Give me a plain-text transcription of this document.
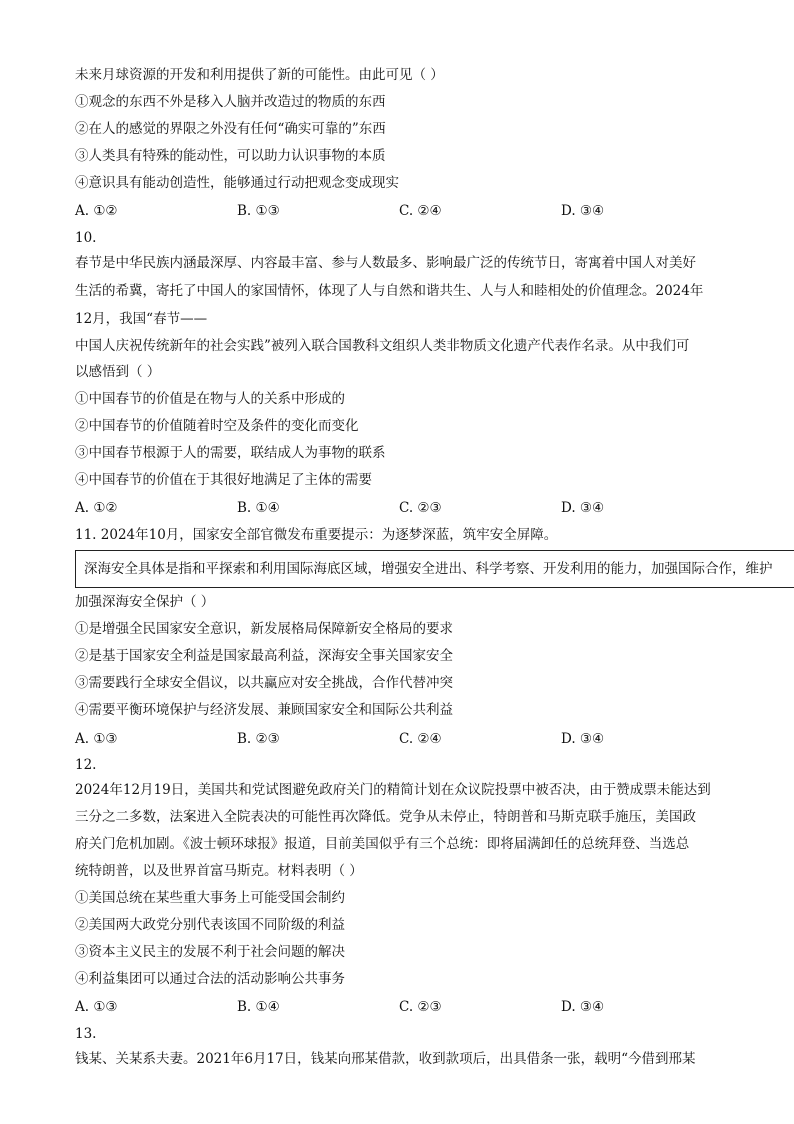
未来月球资源的开发和利用提供了新的可能性。由此可见（ ）
①观念的东西不外是移入人脑并改造过的物质的东西
②在人的感觉的界限之外没有任何“确实可靠的”东西
③人类具有特殊的能动性，可以助力认识事物的本质
④意识具有能动创造性，能够通过行动把观念变成现实
A. ①②	B. ①③	C. ②④	D. ③④
10.
春节是中华民族内涵最深厚、内容最丰富、参与人数最多、影响最广泛的传统节日，寄寓着中国人对美好
生活的希冀，寄托了中国人的家国情怀，体现了人与自然和谐共生、人与人和睦相处的价值理念。2024年
12月，我国“春节——
中国人庆祝传统新年的社会实践”被列入联合国教科文组织人类非物质文化遗产代表作名录。从中我们可
以感悟到（ ）
①中国春节的价值是在物与人的关系中形成的
②中国春节的价值随着时空及条件的变化而变化
③中国春节根源于人的需要，联结成人为事物的联系
④中国春节的价值在于其很好地满足了主体的需要
A. ①②	B. ①④	C. ②③	D. ③④
11. 2024年10月，国家安全部官微发布重要提示：为逐梦深蓝，筑牢安全屏障。
深海安全具体是指和平探索和利用国际海底区域，增强安全进出、科学考察、开发利用的能力，加强国际合作，维护
加强深海安全保护（ ）
①是增强全民国家安全意识，新发展格局保障新安全格局的要求
②是基于国家安全利益是国家最高利益，深海安全事关国家安全
③需要践行全球安全倡议，以共赢应对安全挑战，合作代替冲突
④需要平衡环境保护与经济发展、兼顾国家安全和国际公共利益
A. ①③	B. ②③	C. ②④	D. ③④
12.
2024年12月19日，美国共和党试图避免政府关门的精简计划在众议院投票中被否决，由于赞成票未能达到
三分之二多数，法案进入全院表决的可能性再次降低。党争从未停止，特朗普和马斯克联手施压，美国政
府关门危机加剧。《波士顿环球报》报道，目前美国似乎有三个总统：即将届满卸任的总统拜登、当选总
统特朗普，以及世界首富马斯克。材料表明（ ）
①美国总统在某些重大事务上可能受国会制约
②美国两大政党分别代表该国不同阶级的利益
③资本主义民主的发展不利于社会问题的解决
④利益集团可以通过合法的活动影响公共事务
A. ①③	B. ①④	C. ②③	D. ③④
13.
钱某、关某系夫妻。2021年6月17日，钱某向邢某借款，收到款项后，出具借条一张，载明“今借到邢某
